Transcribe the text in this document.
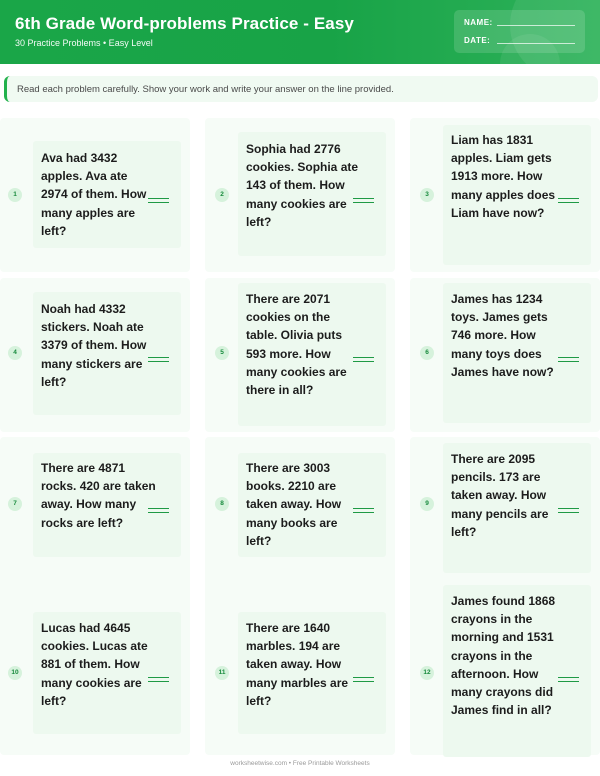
6th Grade Word-problems Practice - Easy
30 Practice Problems • Easy Level
NAME:
DATE:
Read each problem carefully. Show your work and write your answer on the line provided.
Ava had 3432 apples. Ava ate 2974 of them. How many apples are left?
1
Sophia had 2776 cookies. Sophia ate 143 of them. How many cookies are left?
2
Liam has 1831 apples. Liam gets 1913 more. How many apples does Liam have now?
3
Noah had 4332 stickers. Noah ate 3379 of them. How many stickers are left?
4
There are 2071 cookies on the table. Olivia puts 593 more. How many cookies are there in all?
5
James has 1234 toys. James gets 746 more. How many toys does James have now?
6
There are 4871 rocks. 420 are taken away. How many rocks are left?
7
There are 3003 books. 2210 are taken away. How many books are left?
8
There are 2095 pencils. 173 are taken away. How many pencils are left?
9
Lucas had 4645 cookies. Lucas ate 881 of them. How many cookies are left?
10
There are 1640 marbles. 194 are taken away. How many marbles are left?
11
James found 1868 crayons in the morning and 1531 crayons in the afternoon. How many crayons did James find in all?
12
worksheetwise.com • Free Printable Worksheets
